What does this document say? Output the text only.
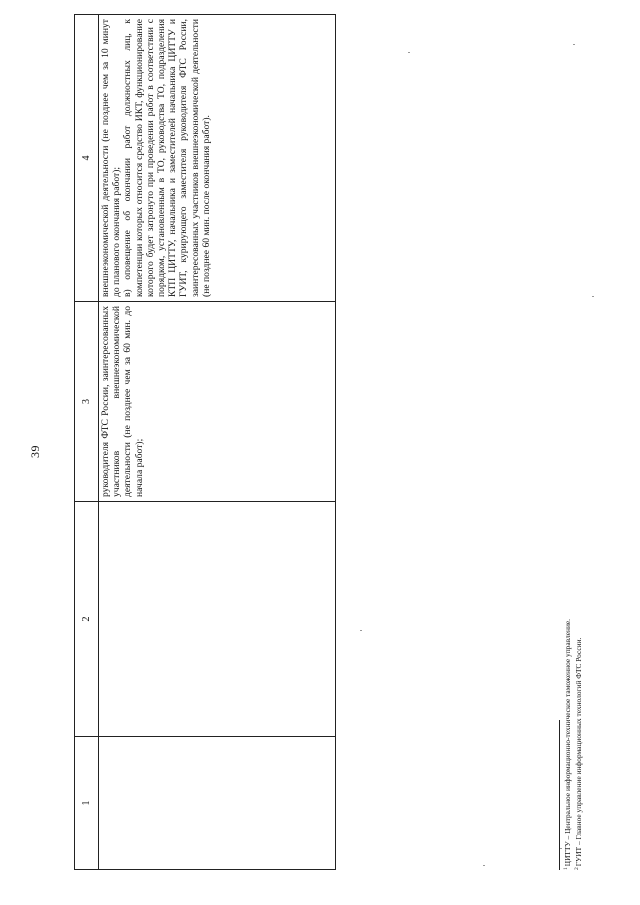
39
1	2	3	4
		руководителя ФТС России, заинтересованных участников внешнеэкономической деятельности (не позднее чем за 60 мин. до начала работ);	внешнеэкономической деятельности (не позднее чем за 10 минут до планового окончания работ);
в) оповещение об окончании работ должностных лиц, к компетенции которых относится средство ИКТ, функционирование которого будет затронуто при проведении работ в соответствии с порядком, установленным в ТО, руководства ТО, подразделения КТП ЦИТТУ, начальника и заместителей начальника ЦИТТУ и ГУИТ, курирующего заместителя руководителя ФТС России, заинтересованных участников внешнеэкономической деятельности (не позднее 60 мин. после окончания работ).
$^1$ЦИТТУ – Центральное информационно-техническое таможенное управление.
$^2$ГУИТ – Главное управление информационных технологий ФТС России.
